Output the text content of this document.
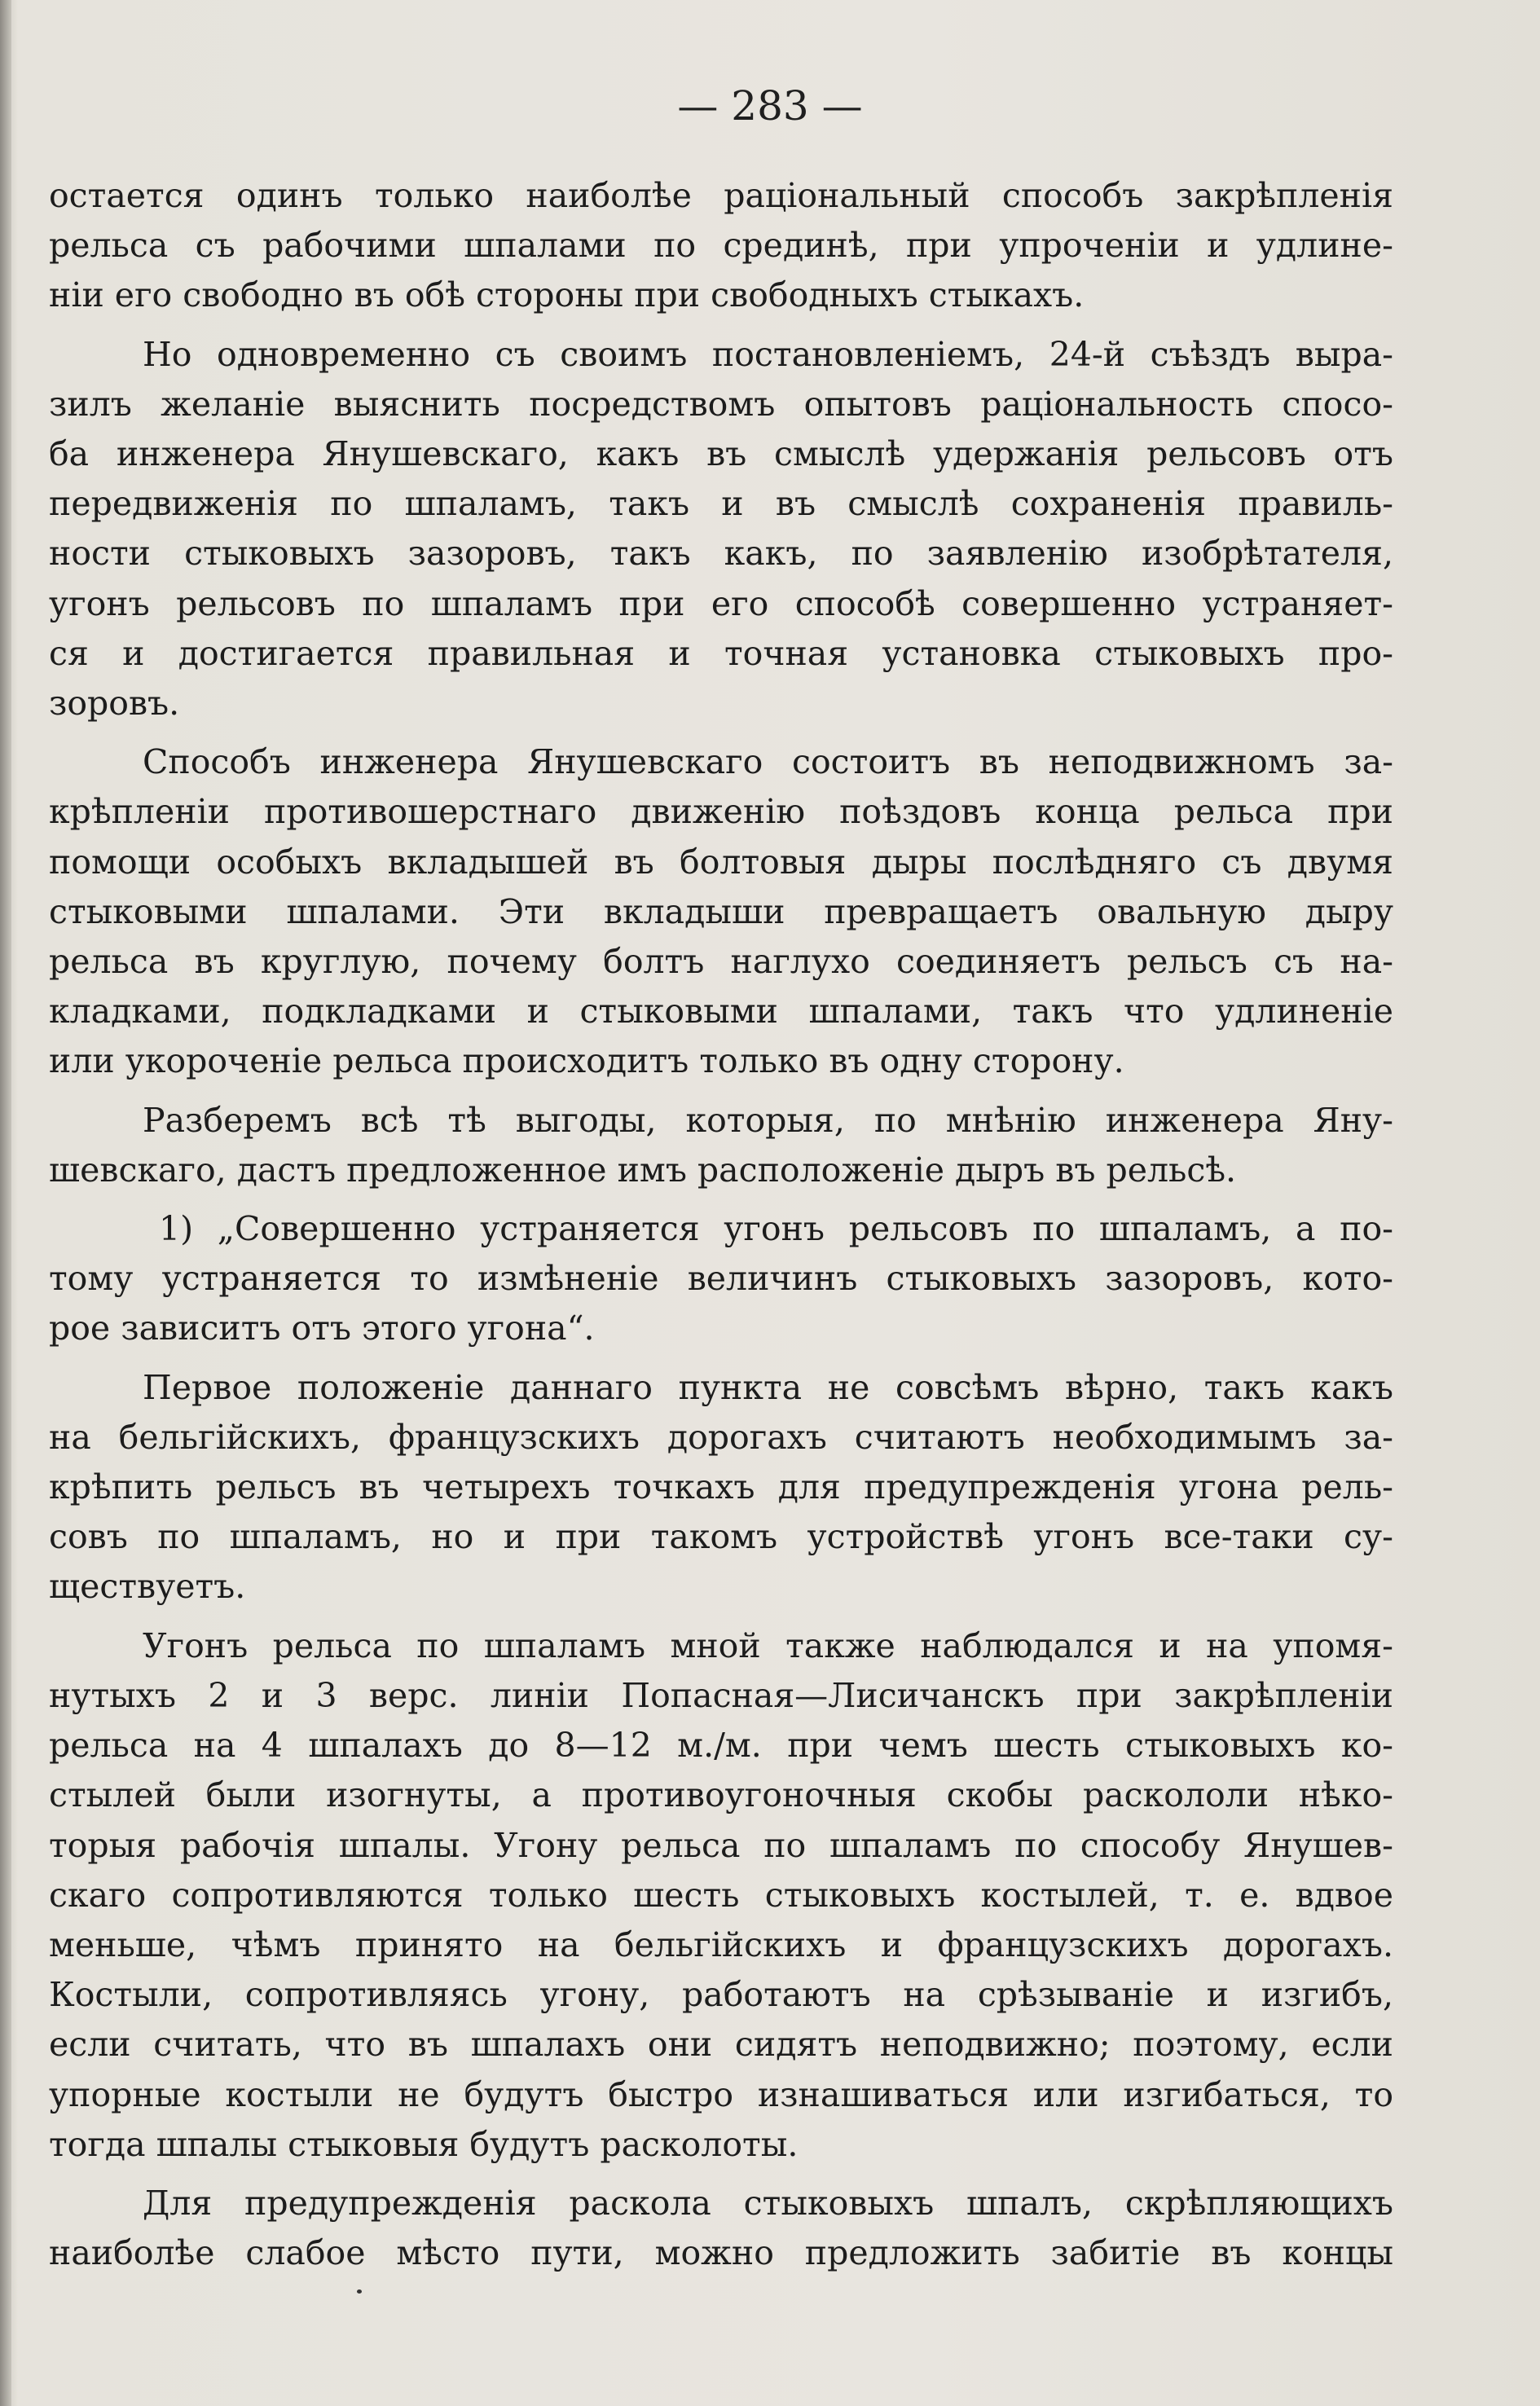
— 283 —

остается одинъ только наиболѣе раціональный способъ закрѣпленія
рельса съ рабочими шпалами по срединѣ, при упроченіи и удлине-
ніи его свободно въ обѣ стороны при свободныхъ стыкахъ.

Но одновременно съ своимъ постановленіемъ, 24-й съѣздъ выра-
зилъ желаніе выяснить посредствомъ опытовъ раціональность спосо-
ба инженера Янушевскаго, какъ въ смыслѣ удержанія рельсовъ отъ
передвиженія по шпаламъ, такъ и въ смыслѣ сохраненія правиль-
ности стыковыхъ зазоровъ, такъ какъ, по заявленію изобрѣтателя,
угонъ рельсовъ по шпаламъ при его способѣ совершенно устраняет-
ся и достигается правильная и точная установка стыковыхъ про-
зоровъ.

Способъ инженера Янушевскаго состоитъ въ неподвижномъ за-
крѣпленіи противошерстнаго движенію поѣздовъ конца рельса при
помощи особыхъ вкладышей въ болтовыя дыры послѣдняго съ двумя
стыковыми шпалами. Эти вкладыши превращаетъ овальную дыру
рельса въ круглую, почему болтъ наглухо соединяетъ рельсъ съ на-
кладками, подкладками и стыковыми шпалами, такъ что удлиненіе
или укороченіе рельса происходитъ только въ одну сторону.

Разберемъ всѣ тѣ выгоды, которыя, по мнѣнію инженера Яну-
шевскаго, дастъ предложенное имъ расположеніе дыръ въ рельсѣ.

1) „Совершенно устраняется угонъ рельсовъ по шпаламъ, а по-
тому устраняется то измѣненіе величинъ стыковыхъ зазоровъ, кото-
рое зависитъ отъ этого угона“.

Первое положеніе даннаго пункта не совсѣмъ вѣрно, такъ какъ
на бельгійскихъ, французскихъ дорогахъ считаютъ необходимымъ за-
крѣпить рельсъ въ четырехъ точкахъ для предупрежденія угона рель-
совъ по шпаламъ, но и при такомъ устройствѣ угонъ все-таки су-
ществуетъ.

Угонъ рельса по шпаламъ мной также наблюдался и на упомя-
нутыхъ 2 и 3 верс. линіи Попасная—Лисичанскъ при закрѣпленіи
рельса на 4 шпалахъ до 8—12 м./м. при чемъ шесть стыковыхъ ко-
стылей были изогнуты, а противоугоночныя скобы раскололи нѣко-
торыя рабочія шпалы. Угону рельса по шпаламъ по способу Янушев-
скаго сопротивляются только шесть стыковыхъ костылей, т. е. вдвое
меньше, чѣмъ принято на бельгійскихъ и французскихъ дорогахъ.
Костыли, сопротивляясь угону, работаютъ на срѣзываніе и изгибъ,
если считать, что въ шпалахъ они сидятъ неподвижно; поэтому, если
упорные костыли не будутъ быстро изнашиваться или изгибаться, то
тогда шпалы стыковыя будутъ расколоты.

Для предупрежденія раскола стыковыхъ шпалъ, скрѣпляющихъ
наиболѣе слабое мѣсто пути, можно предложить забитіе въ концы
